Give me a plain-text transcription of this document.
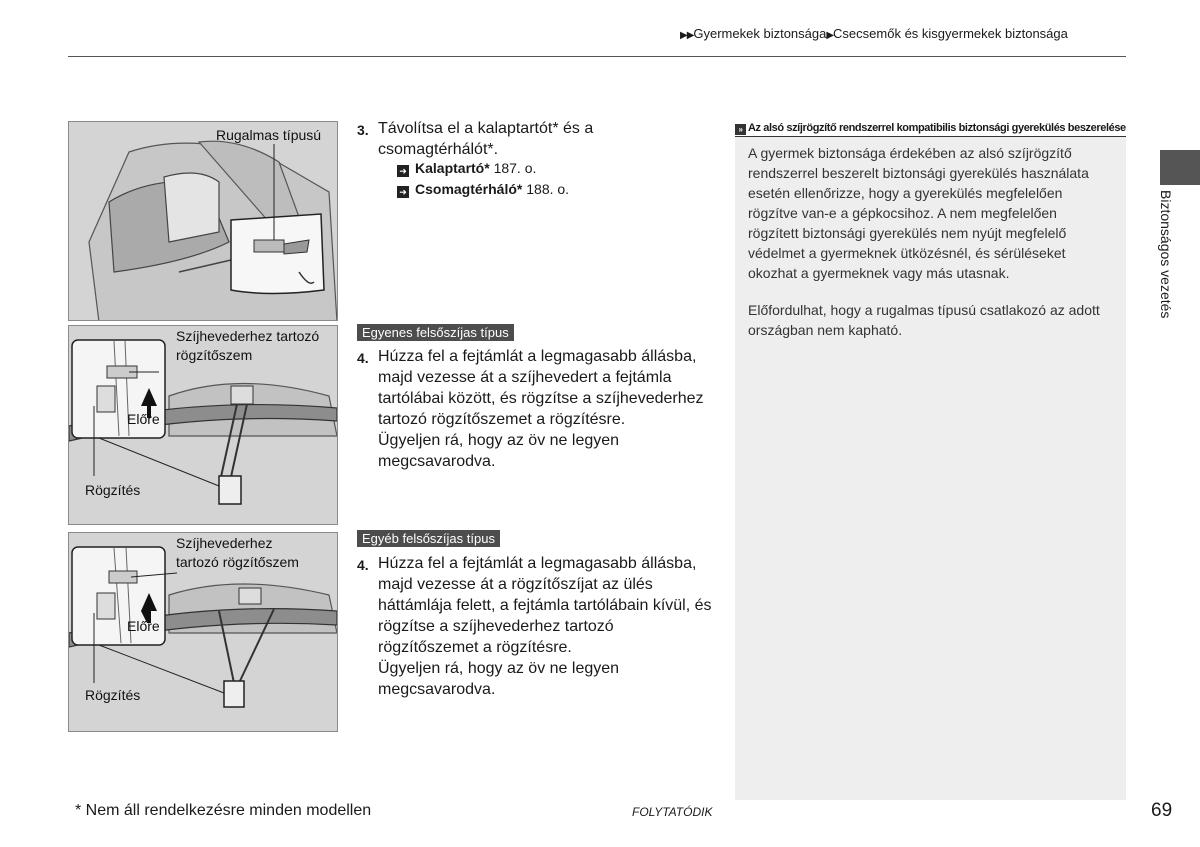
▶▶Gyermekek biztonsága▶Csecsemők és kisgyermekek biztonsága
Rugalmas típusú
Szíjhevederhez tartozó
rögzítőszem
Előre
Rögzítés
Szíjhevederhez
tartozó rögzítőszem
Előre
Rögzítés
3. Távolítsa el a kalaptartót* és a
csomagtérhálót*.
➜ Kalaptartó* 187. o.
➜ Csomagtérháló* 188. o.
Egyenes felsőszíjas típus
4. Húzza fel a fejtámlát a legmagasabb állásba,
majd vezesse át a szíjhevedert a fejtámla
tartólábai között, és rögzítse a szíjhevederhez
tartozó rögzítőszemet a rögzítésre.
Ügyeljen rá, hogy az öv ne legyen
megcsavarodva.
Egyéb felsőszíjas típus
4. Húzza fel a fejtámlát a legmagasabb állásba,
majd vezesse át a rögzítőszíjat az ülés
háttámlája felett, a fejtámla tartólábain kívül, és
rögzítse a szíjhevederhez tartozó
rögzítőszemet a rögzítésre.
Ügyeljen rá, hogy az öv ne legyen
megcsavarodva.
» Az alsó szíjrögzítő rendszerrel kompatibilis biztonsági gyerekülés beszerelése
A gyermek biztonsága érdekében az alsó szíjrögzítő
rendszerrel beszerelt biztonsági gyerekülés használata
esetén ellenőrizze, hogy a gyerekülés megfelelően
rögzítve van-e a gépkocsihoz. A nem megfelelően
rögzített biztonsági gyerekülés nem nyújt megfelelő
védelmet a gyermeknek ütközésnél, és sérüléseket
okozhat a gyermeknek vagy más utasnak.
Előfordulhat, hogy a rugalmas típusú csatlakozó az adott
országban nem kapható.
Biztonságos vezetés
* Nem áll rendelkezésre minden modellen	FOLYTATÓDIK	69
